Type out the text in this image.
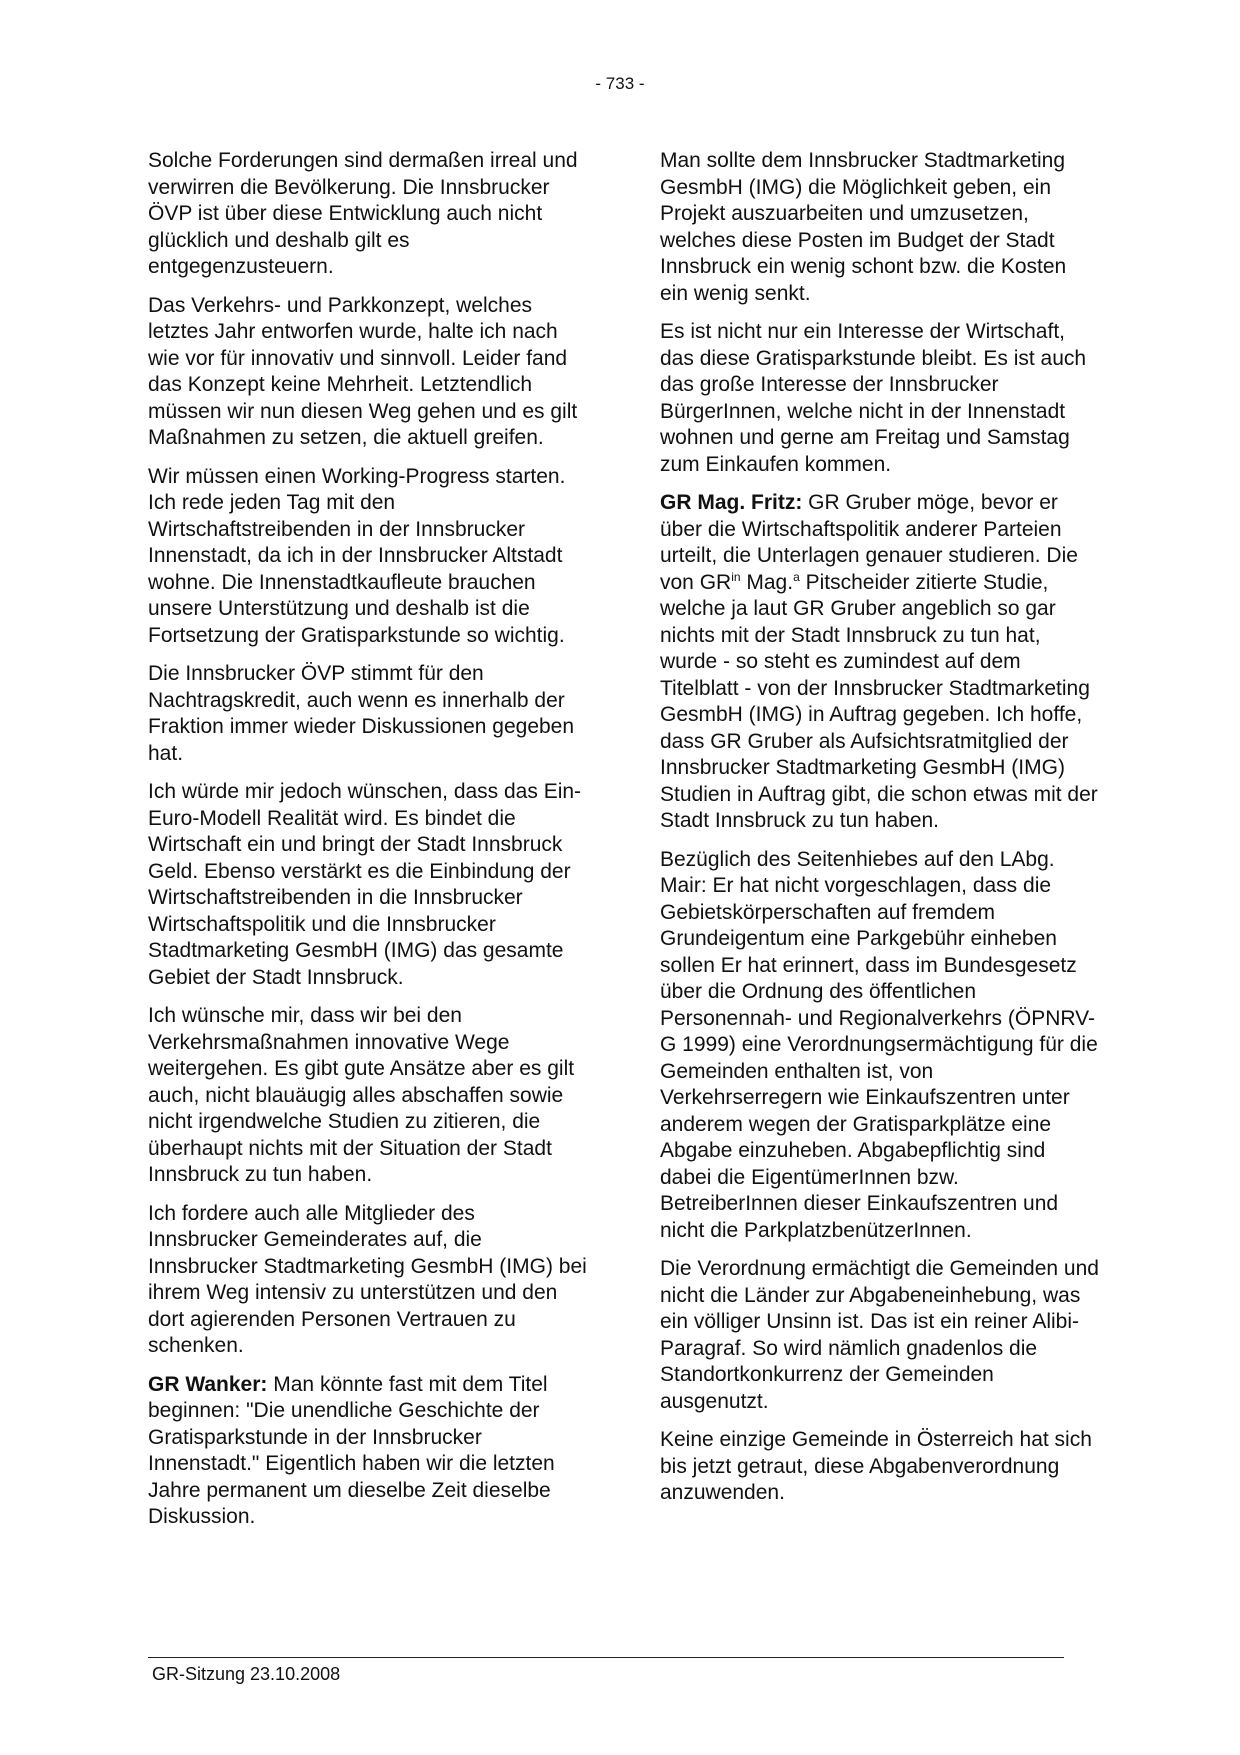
- 733 -

Solche Forderungen sind dermaßen irreal und verwirren die Bevölkerung. Die Innsbrucker ÖVP ist über diese Entwicklung auch nicht glücklich und deshalb gilt es entgegenzusteuern.

Das Verkehrs- und Parkkonzept, welches letztes Jahr entworfen wurde, halte ich nach wie vor für innovativ und sinnvoll. Leider fand das Konzept keine Mehrheit. Letztendlich müssen wir nun diesen Weg gehen und es gilt Maßnahmen zu setzen, die aktuell greifen.

Wir müssen einen Working-Progress starten. Ich rede jeden Tag mit den Wirtschaftstreibenden in der Innsbrucker Innenstadt, da ich in der Innsbrucker Altstadt wohne. Die Innenstadtkaufleute brauchen unsere Unterstützung und deshalb ist die Fortsetzung der Gratisparkstunde so wichtig.

Die Innsbrucker ÖVP stimmt für den Nachtragskredit, auch wenn es innerhalb der Fraktion immer wieder Diskussionen gegeben hat.

Ich würde mir jedoch wünschen, dass das Ein-Euro-Modell Realität wird. Es bindet die Wirtschaft ein und bringt der Stadt Innsbruck Geld. Ebenso verstärkt es die Einbindung der Wirtschaftstreibenden in die Innsbrucker Wirtschaftspolitik und die Innsbrucker Stadtmarketing GesmbH (IMG) das gesamte Gebiet der Stadt Innsbruck.

Ich wünsche mir, dass wir bei den Verkehrsmaßnahmen innovative Wege weitergehen. Es gibt gute Ansätze aber es gilt auch, nicht blauäugig alles abschaffen sowie nicht irgendwelche Studien zu zitieren, die überhaupt nichts mit der Situation der Stadt Innsbruck zu tun haben.

Ich fordere auch alle Mitglieder des Innsbrucker Gemeinderates auf, die Innsbrucker Stadtmarketing GesmbH (IMG) bei ihrem Weg intensiv zu unterstützen und den dort agierenden Personen Vertrauen zu schenken.

GR Wanker: Man könnte fast mit dem Titel beginnen: "Die unendliche Geschichte der Gratisparkstunde in der Innsbrucker Innenstadt." Eigentlich haben wir die letzten Jahre permanent um dieselbe Zeit dieselbe Diskussion.

Man sollte dem Innsbrucker Stadtmarketing GesmbH (IMG) die Möglichkeit geben, ein Projekt auszuarbeiten und umzusetzen, welches diese Posten im Budget der Stadt Innsbruck ein wenig schont bzw. die Kosten ein wenig senkt.

Es ist nicht nur ein Interesse der Wirtschaft, das diese Gratisparkstunde bleibt. Es ist auch das große Interesse der Innsbrucker BürgerInnen, welche nicht in der Innenstadt wohnen und gerne am Freitag und Samstag zum Einkaufen kommen.

GR Mag. Fritz: GR Gruber möge, bevor er über die Wirtschaftspolitik anderer Parteien urteilt, die Unterlagen genauer studieren. Die von $GR^{in}$ Mag.$^a$ Pitscheider zitierte Studie, welche ja laut GR Gruber angeblich so gar nichts mit der Stadt Innsbruck zu tun hat, wurde - so steht es zumindest auf dem Titelblatt - von der Innsbrucker Stadtmarketing GesmbH (IMG) in Auftrag gegeben. Ich hoffe, dass GR Gruber als Aufsichtsratmitglied der Innsbrucker Stadtmarketing GesmbH (IMG) Studien in Auftrag gibt, die schon etwas mit der Stadt Innsbruck zu tun haben.

Bezüglich des Seitenhiebes auf den LAbg. Mair: Er hat nicht vorgeschlagen, dass die Gebietskörperschaften auf fremdem Grundeigentum eine Parkgebühr einheben sollen Er hat erinnert, dass im Bundesgesetz über die Ordnung des öffentlichen Personennah- und Regionalverkehrs (ÖPNRV-G 1999) eine Verordnungsermächtigung für die Gemeinden enthalten ist, von Verkehrserregern wie Einkaufszentren unter anderem wegen der Gratisparkplätze eine Abgabe einzuheben. Abgabepflichtig sind dabei die EigentümerInnen bzw. BetreiberInnen dieser Einkaufszentren und nicht die ParkplatzbenützerInnen.

Die Verordnung ermächtigt die Gemeinden und nicht die Länder zur Abgabeneinhebung, was ein völliger Unsinn ist. Das ist ein reiner Alibi-Paragraf. So wird nämlich gnadenlos die Standortkonkurrenz der Gemeinden ausgenutzt.

Keine einzige Gemeinde in Österreich hat sich bis jetzt getraut, diese Abgabenverordnung anzuwenden.

GR-Sitzung 23.10.2008
